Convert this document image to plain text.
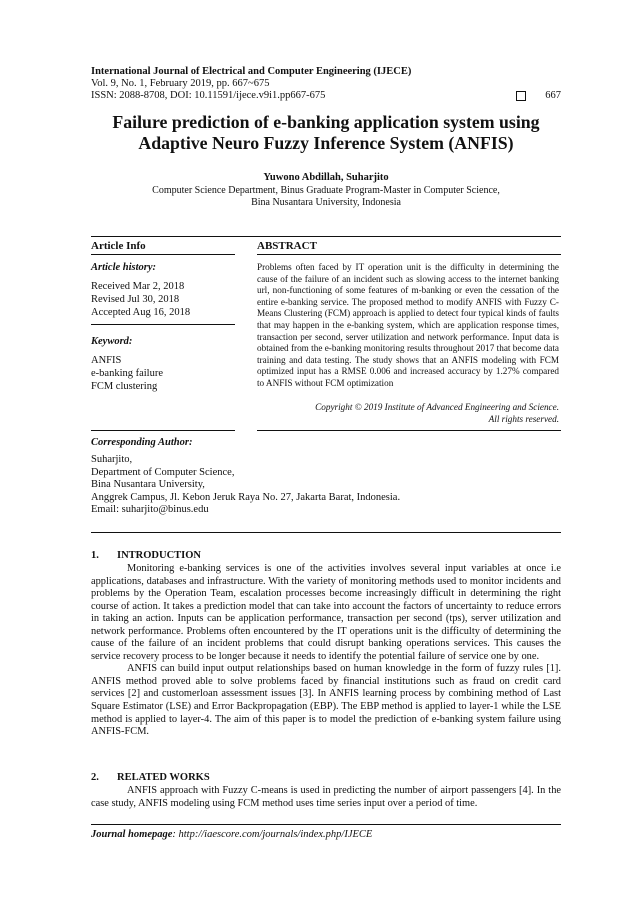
International Journal of Electrical and Computer Engineering (IJECE)
Vol. 9, No. 1, February 2019, pp. 667~675
ISSN: 2088-8708, DOI: 10.11591/ijece.v9i1.pp667-675	667
Failure prediction of e-banking application system using Adaptive Neuro Fuzzy Inference System (ANFIS)
Yuwono Abdillah, Suharjito
Computer Science Department, Binus Graduate Program-Master in Computer Science,
Bina Nusantara University, Indonesia
Article Info
Article history:
Received Mar 2, 2018
Revised Jul 30, 2018
Accepted Aug 16, 2018
Keyword:
ANFIS
e-banking failure
FCM clustering
ABSTRACT
Problems often faced by IT operation unit is the difficulty in determining the cause of the failure of an incident such as slowing access to the internet banking url, non-functioning of some features of m-banking or even the cessation of the entire e-banking service. The proposed method to modify ANFIS with Fuzzy C-Means Clustering (FCM) approach is applied to detect four typical kinds of faults that may happen in the e-banking system, which are application response times, transaction per second, server utilization and network performance. Input data is obtained from the e-banking monitoring results throughout 2017 that become data training and data testing. The study shows that an ANFIS modeling with FCM optimized input has a RMSE 0.006 and increased accuracy by 1.27% compared to ANFIS without FCM optimization
Copyright © 2019 Institute of Advanced Engineering and Science.
All rights reserved.
Corresponding Author:
Suharjito,
Department of Computer Science,
Bina Nusantara University,
Anggrek Campus, Jl. Kebon Jeruk Raya No. 27, Jakarta Barat, Indonesia.
Email: suharjito@binus.edu
1. INTRODUCTION

Monitoring e-banking services is one of the activities involves several input variables at once i.e applications, databases and infrastructure. With the variety of monitoring methods used to monitor incidents and problems by the Operation Team, escalation processes become increasingly difficult in determining the right course of action. It takes a prediction model that can take into account the factors of uncertainty to reduce errors in taking an action. Inputs can be application performance, transaction per second (tps), server utilization and network performance. Problems often encountered by the IT operations unit is the difficulty of determining the cause of the failure of an incident problems that could disrupt banking operations services. This causes the service recovery process to be longer because it needs to identify the potential failure of service one by one.

ANFIS can build input output relationships based on human knowledge in the form of fuzzy rules [1]. ANFIS method proved able to solve problems faced by financial institutions such as fraud on credit card services [2] and customerloan assessment issues [3]. In ANFIS learning process by combining method of Last Square Estimator (LSE) and Error Backpropagation (EBP). The EBP method is applied to layer-1 while the LSE method is applied to layer-4. The aim of this paper is to model the prediction of e-banking system failure using ANFIS-FCM.

2. RELATED WORKS

ANFIS approach with Fuzzy C-means is used in predicting the number of airport passengers [4]. In the case study, ANFIS modeling using FCM method uses time series input over a period of time.

Journal homepage: http://iaescore.com/journals/index.php/IJECE
